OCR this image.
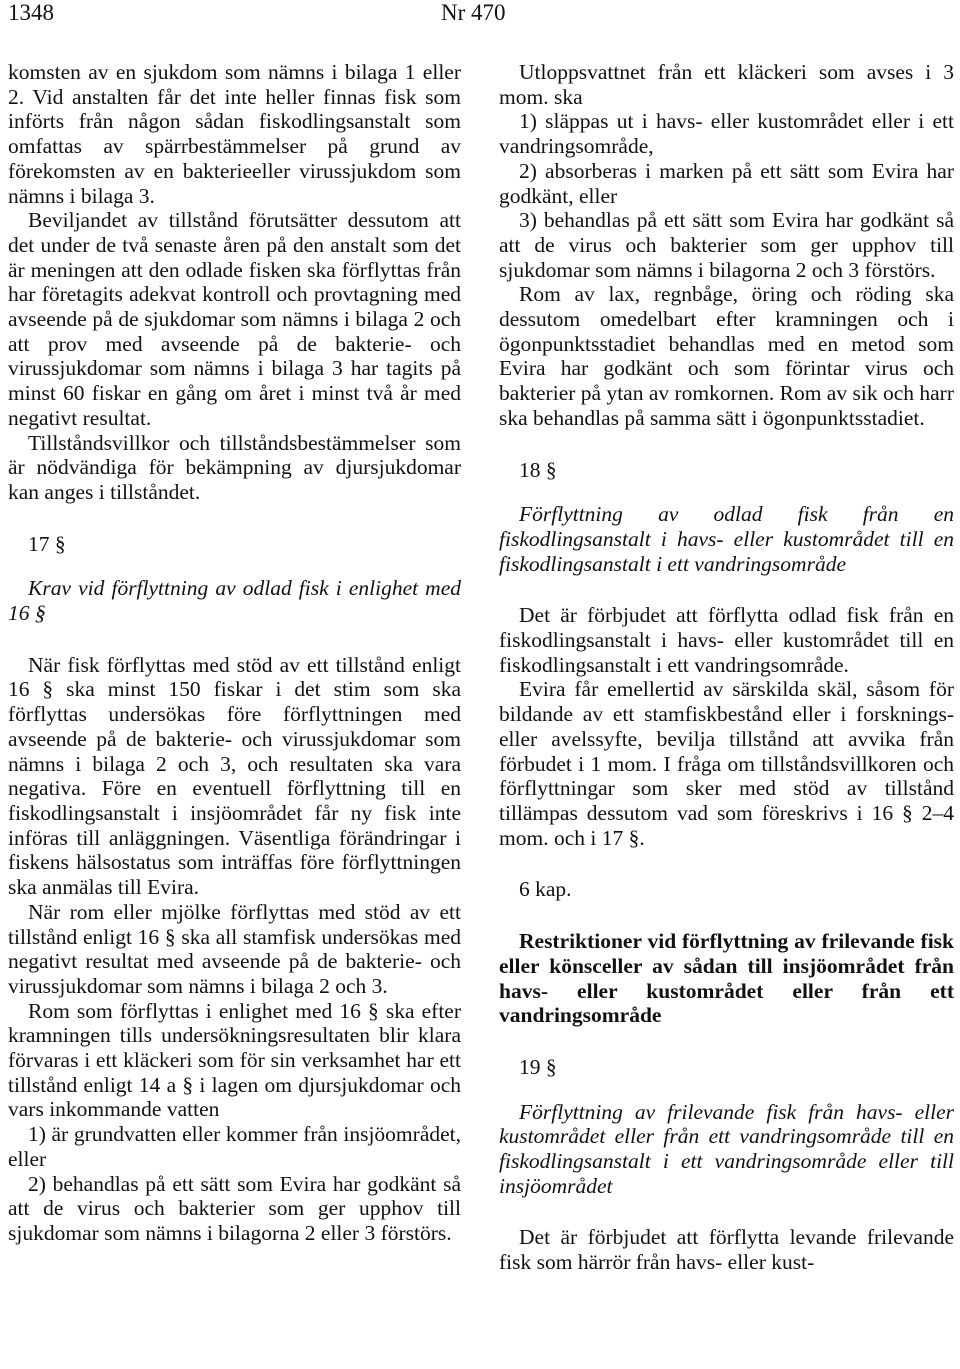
1348	Nr 470

komsten av en sjukdom som nämns i bilaga 1 eller 2. Vid anstalten får det inte heller finnas fisk som införts från någon sådan fiskodlingsanstalt som omfattas av spärrbestämmelser på grund av förekomsten av en bakterieeller virussjukdom som nämns i bilaga 3.

Beviljandet av tillstånd förutsätter dessutom att det under de två senaste åren på den anstalt som det är meningen att den odlade fisken ska förflyttas från har företagits adekvat kontroll och provtagning med avseende på de sjukdomar som nämns i bilaga 2 och att prov med avseende på de bakterie- och virussjukdomar som nämns i bilaga 3 har tagits på minst 60 fiskar en gång om året i minst två år med negativt resultat.

Tillståndsvillkor och tillståndsbestämmelser som är nödvändiga för bekämpning av djursjukdomar kan anges i tillståndet.

17 §

Krav vid förflyttning av odlad fisk i enlighet med 16 §

När fisk förflyttas med stöd av ett tillstånd enligt 16 § ska minst 150 fiskar i det stim som ska förflyttas undersökas före förflyttningen med avseende på de bakterie- och virussjukdomar som nämns i bilaga 2 och 3, och resultaten ska vara negativa. Före en eventuell förflyttning till en fiskodlingsanstalt i insjöområdet får ny fisk inte införas till anläggningen. Väsentliga förändringar i fiskens hälsostatus som inträffas före förflyttningen ska anmälas till Evira.

När rom eller mjölke förflyttas med stöd av ett tillstånd enligt 16 § ska all stamfisk undersökas med negativt resultat med avseende på de bakterie- och virussjukdomar som nämns i bilaga 2 och 3.

Rom som förflyttas i enlighet med 16 § ska efter kramningen tills undersökningsresultaten blir klara förvaras i ett kläckeri som för sin verksamhet har ett tillstånd enligt 14 a § i lagen om djursjukdomar och vars inkommande vatten

1) är grundvatten eller kommer från insjöområdet, eller

2) behandlas på ett sätt som Evira har godkänt så att de virus och bakterier som ger upphov till sjukdomar som nämns i bilagorna 2 eller 3 förstörs.

Utloppsvattnet från ett kläckeri som avses i 3 mom. ska

1) släppas ut i havs- eller kustområdet eller i ett vandringsområde,

2) absorberas i marken på ett sätt som Evira har godkänt, eller

3) behandlas på ett sätt som Evira har godkänt så att de virus och bakterier som ger upphov till sjukdomar som nämns i bilagorna 2 och 3 förstörs.

Rom av lax, regnbåge, öring och röding ska dessutom omedelbart efter kramningen och i ögonpunktsstadiet behandlas med en metod som Evira har godkänt och som förintar virus och bakterier på ytan av romkornen. Rom av sik och harr ska behandlas på samma sätt i ögonpunktsstadiet.

18 §

Förflyttning av odlad fisk från en fiskodlingsanstalt i havs- eller kustområdet till en fiskodlingsanstalt i ett vandringsområde

Det är förbjudet att förflytta odlad fisk från en fiskodlingsanstalt i havs- eller kustområdet till en fiskodlingsanstalt i ett vandringsområde.

Evira får emellertid av särskilda skäl, såsom för bildande av ett stamfiskbestånd eller i forsknings- eller avelssyfte, bevilja tillstånd att avvika från förbudet i 1 mom. I fråga om tillståndsvillkoren och förflyttningar som sker med stöd av tillstånd tillämpas dessutom vad som föreskrivs i 16 § 2–4 mom. och i 17 §.

6 kap.

Restriktioner vid förflyttning av frilevande fisk eller könsceller av sådan till insjöområdet från havs- eller kustområdet eller från ett vandringsområde

19 §

Förflyttning av frilevande fisk från havs- eller kustområdet eller från ett vandringsområde till en fiskodlingsanstalt i ett vandringsområde eller till insjöområdet

Det är förbjudet att förflytta levande frilevande fisk som härrör från havs- eller kust-
